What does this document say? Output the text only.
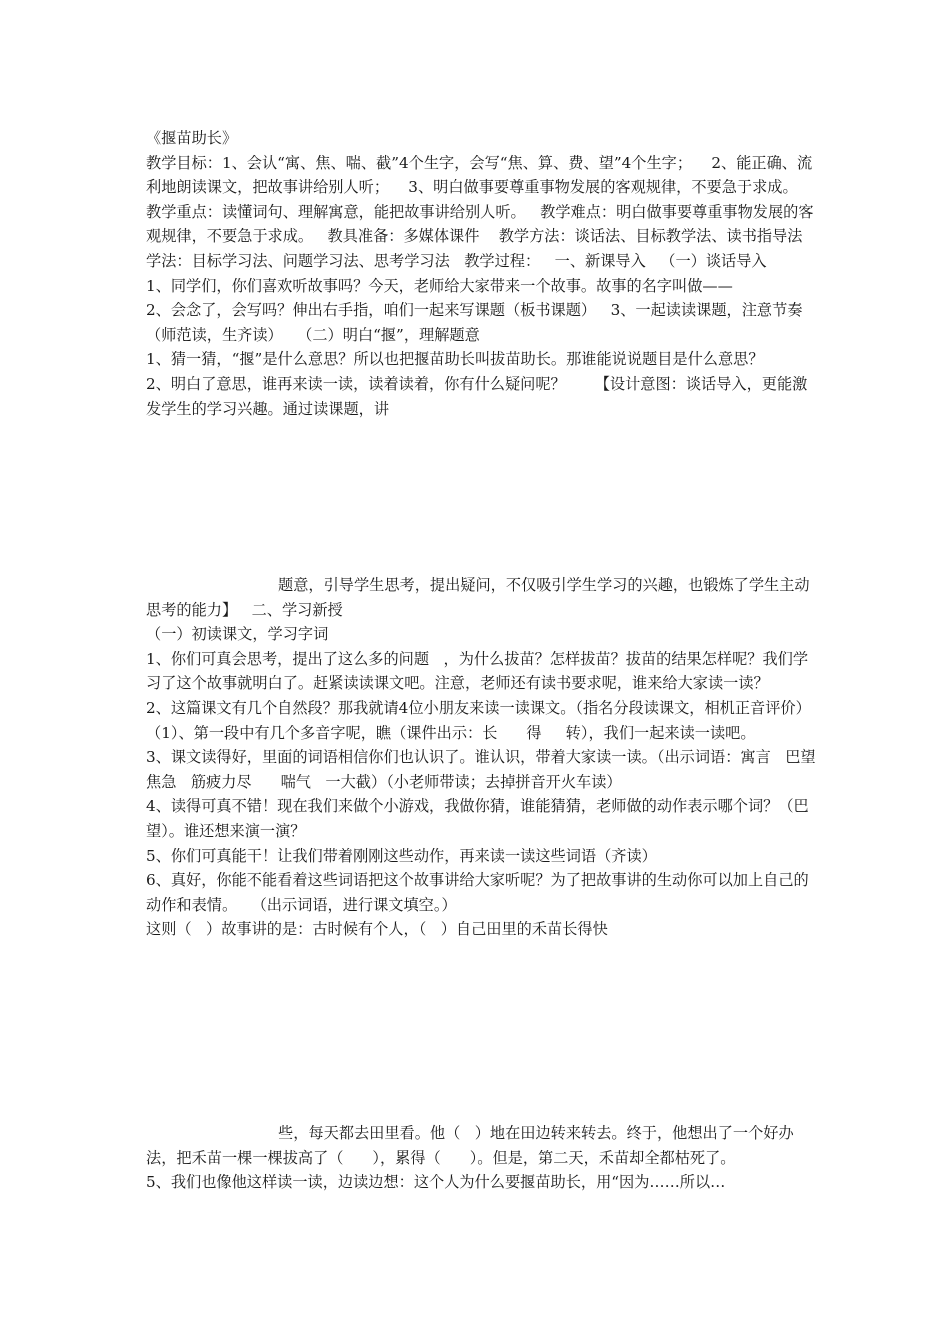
《揠苗助长》

教学目标：1、会认“寓、焦、喘、截”4个生字，会写“焦、算、费、望”4个生字；    2、能正确、流利地朗读课文，把故事讲给别人听；    3、明白做事要尊重事物发展的客观规律，不要急于求成。   教学重点：读懂词句、理解寓意，能把故事讲给别人听。   教学难点：明白做事要尊重事物发展的客观规律，不要急于求成。   教具准备：多媒体课件    教学方法：谈话法、目标教学法、读书指导法   学法：目标学习法、问题学习法、思考学习法   教学过程：   一、新课导入   （一）谈话导入

1、同学们，你们喜欢听故事吗？今天，老师给大家带来一个故事。故事的名字叫做——

2、会念了，会写吗？伸出右手指，咱们一起来写课题（板书课题）   3、一起读读课题，注意节奏（师范读，生齐读）   （二）明白“揠”，理解题意

1、猜一猜，“揠”是什么意思？所以也把揠苗助长叫拔苗助长。那谁能说说题目是什么意思？

2、明白了意思，谁再来读一读，读着读着，你有什么疑问呢？      【设计意图：谈话导入，更能激发学生的学习兴趣。通过读课题，讲

题意，引导学生思考，提出疑问，不仅吸引学生学习的兴趣，也锻炼了学生主动思考的能力】   二、学习新授

（一）初读课文，学习字词

1、你们可真会思考，提出了这么多的问题   ，为什么拔苗？怎样拔苗？拔苗的结果怎样呢？我们学习了这个故事就明白了。赶紧读读课文吧。注意，老师还有读书要求呢，谁来给大家读一读？

2、这篇课文有几个自然段？那我就请4位小朋友来读一读课文。（指名分段读课文，相机正音评价）

（1）、第一段中有几个多音字呢，瞧（课件出示：长      得     转），我们一起来读一读吧。

3、课文读得好，里面的词语相信你们也认识了。谁认识，带着大家读一读。（出示词语：寓言   巴望   焦急   筋疲力尽      喘气   一大截）（小老师带读；去掉拼音开火车读）

4、读得可真不错！现在我们来做个小游戏，我做你猜，谁能猜猜，老师做的动作表示哪个词？（巴望）。谁还想来演一演？

5、你们可真能干！让我们带着刚刚这些动作，再来读一读这些词语（齐读）

6、真好，你能不能看着这些词语把这个故事讲给大家听呢？为了把故事讲的生动你可以加上自己的动作和表情。   （出示词语，进行课文填空。）

这则（   ）故事讲的是：古时候有个人，（   ）自己田里的禾苗长得快

些，每天都去田里看。他（   ）地在田边转来转去。终于，他想出了一个好办法，把禾苗一棵一棵拔高了（      ），累得（      ）。但是，第二天，禾苗却全都枯死了。

5、我们也像他这样读一读，边读边想：这个人为什么要揠苗助长，用“因为……所以…
